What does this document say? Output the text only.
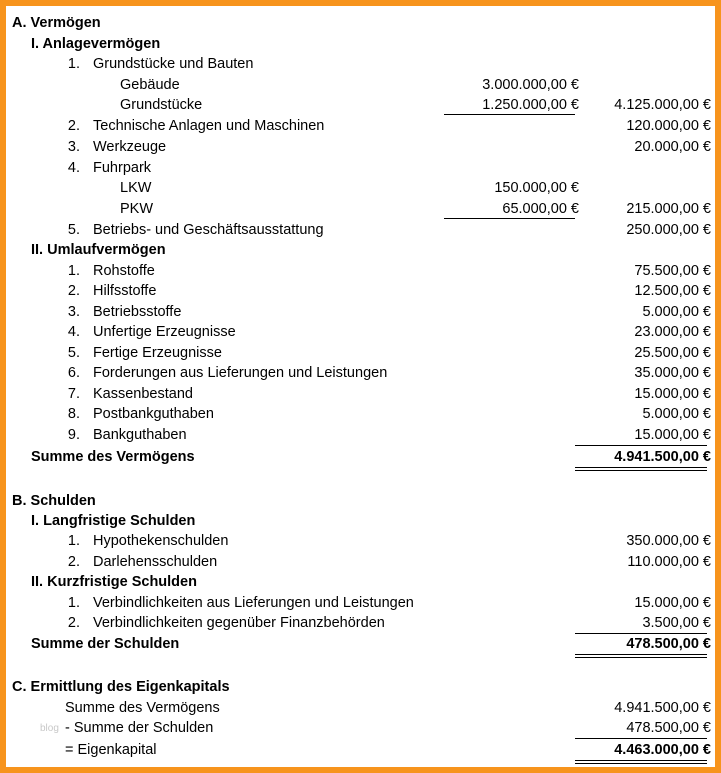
A. Vermögen
I. Anlagevermögen
1. Grundstücke und Bauten
Gebäude	3.000.000,00 €
Grundstücke	1.250.000,00 €	4.125.000,00 €
2. Technische Anlagen und Maschinen	120.000,00 €
3. Werkzeuge	20.000,00 €
4. Fuhrpark
LKW	150.000,00 €
PKW	65.000,00 €	215.000,00 €
5. Betriebs- und Geschäftsausstattung	250.000,00 €
II. Umlaufvermögen
1. Rohstoffe	75.500,00 €
2. Hilfsstoffe	12.500,00 €
3. Betriebsstoffe	5.000,00 €
4. Unfertige Erzeugnisse	23.000,00 €
5. Fertige Erzeugnisse	25.500,00 €
6. Forderungen aus Lieferungen und Leistungen	35.000,00 €
7. Kassenbestand	15.000,00 €
8. Postbankguthaben	5.000,00 €
9. Bankguthaben	15.000,00 €
Summe des Vermögens	4.941.500,00 €
B. Schulden
I. Langfristige Schulden
1. Hypothekenschulden	350.000,00 €
2. Darlehensschulden	110.000,00 €
II. Kurzfristige Schulden
1. Verbindlichkeiten aus Lieferungen und Leistungen	15.000,00 €
2. Verbindlichkeiten gegenüber Finanzbehörden	3.500,00 €
Summe der Schulden	478.500,00 €
C. Ermittlung des Eigenkapitals
Summe des Vermögens	4.941.500,00 €
blog - Summe der Schulden	478.500,00 €
= Eigenkapital	4.463.000,00 €
